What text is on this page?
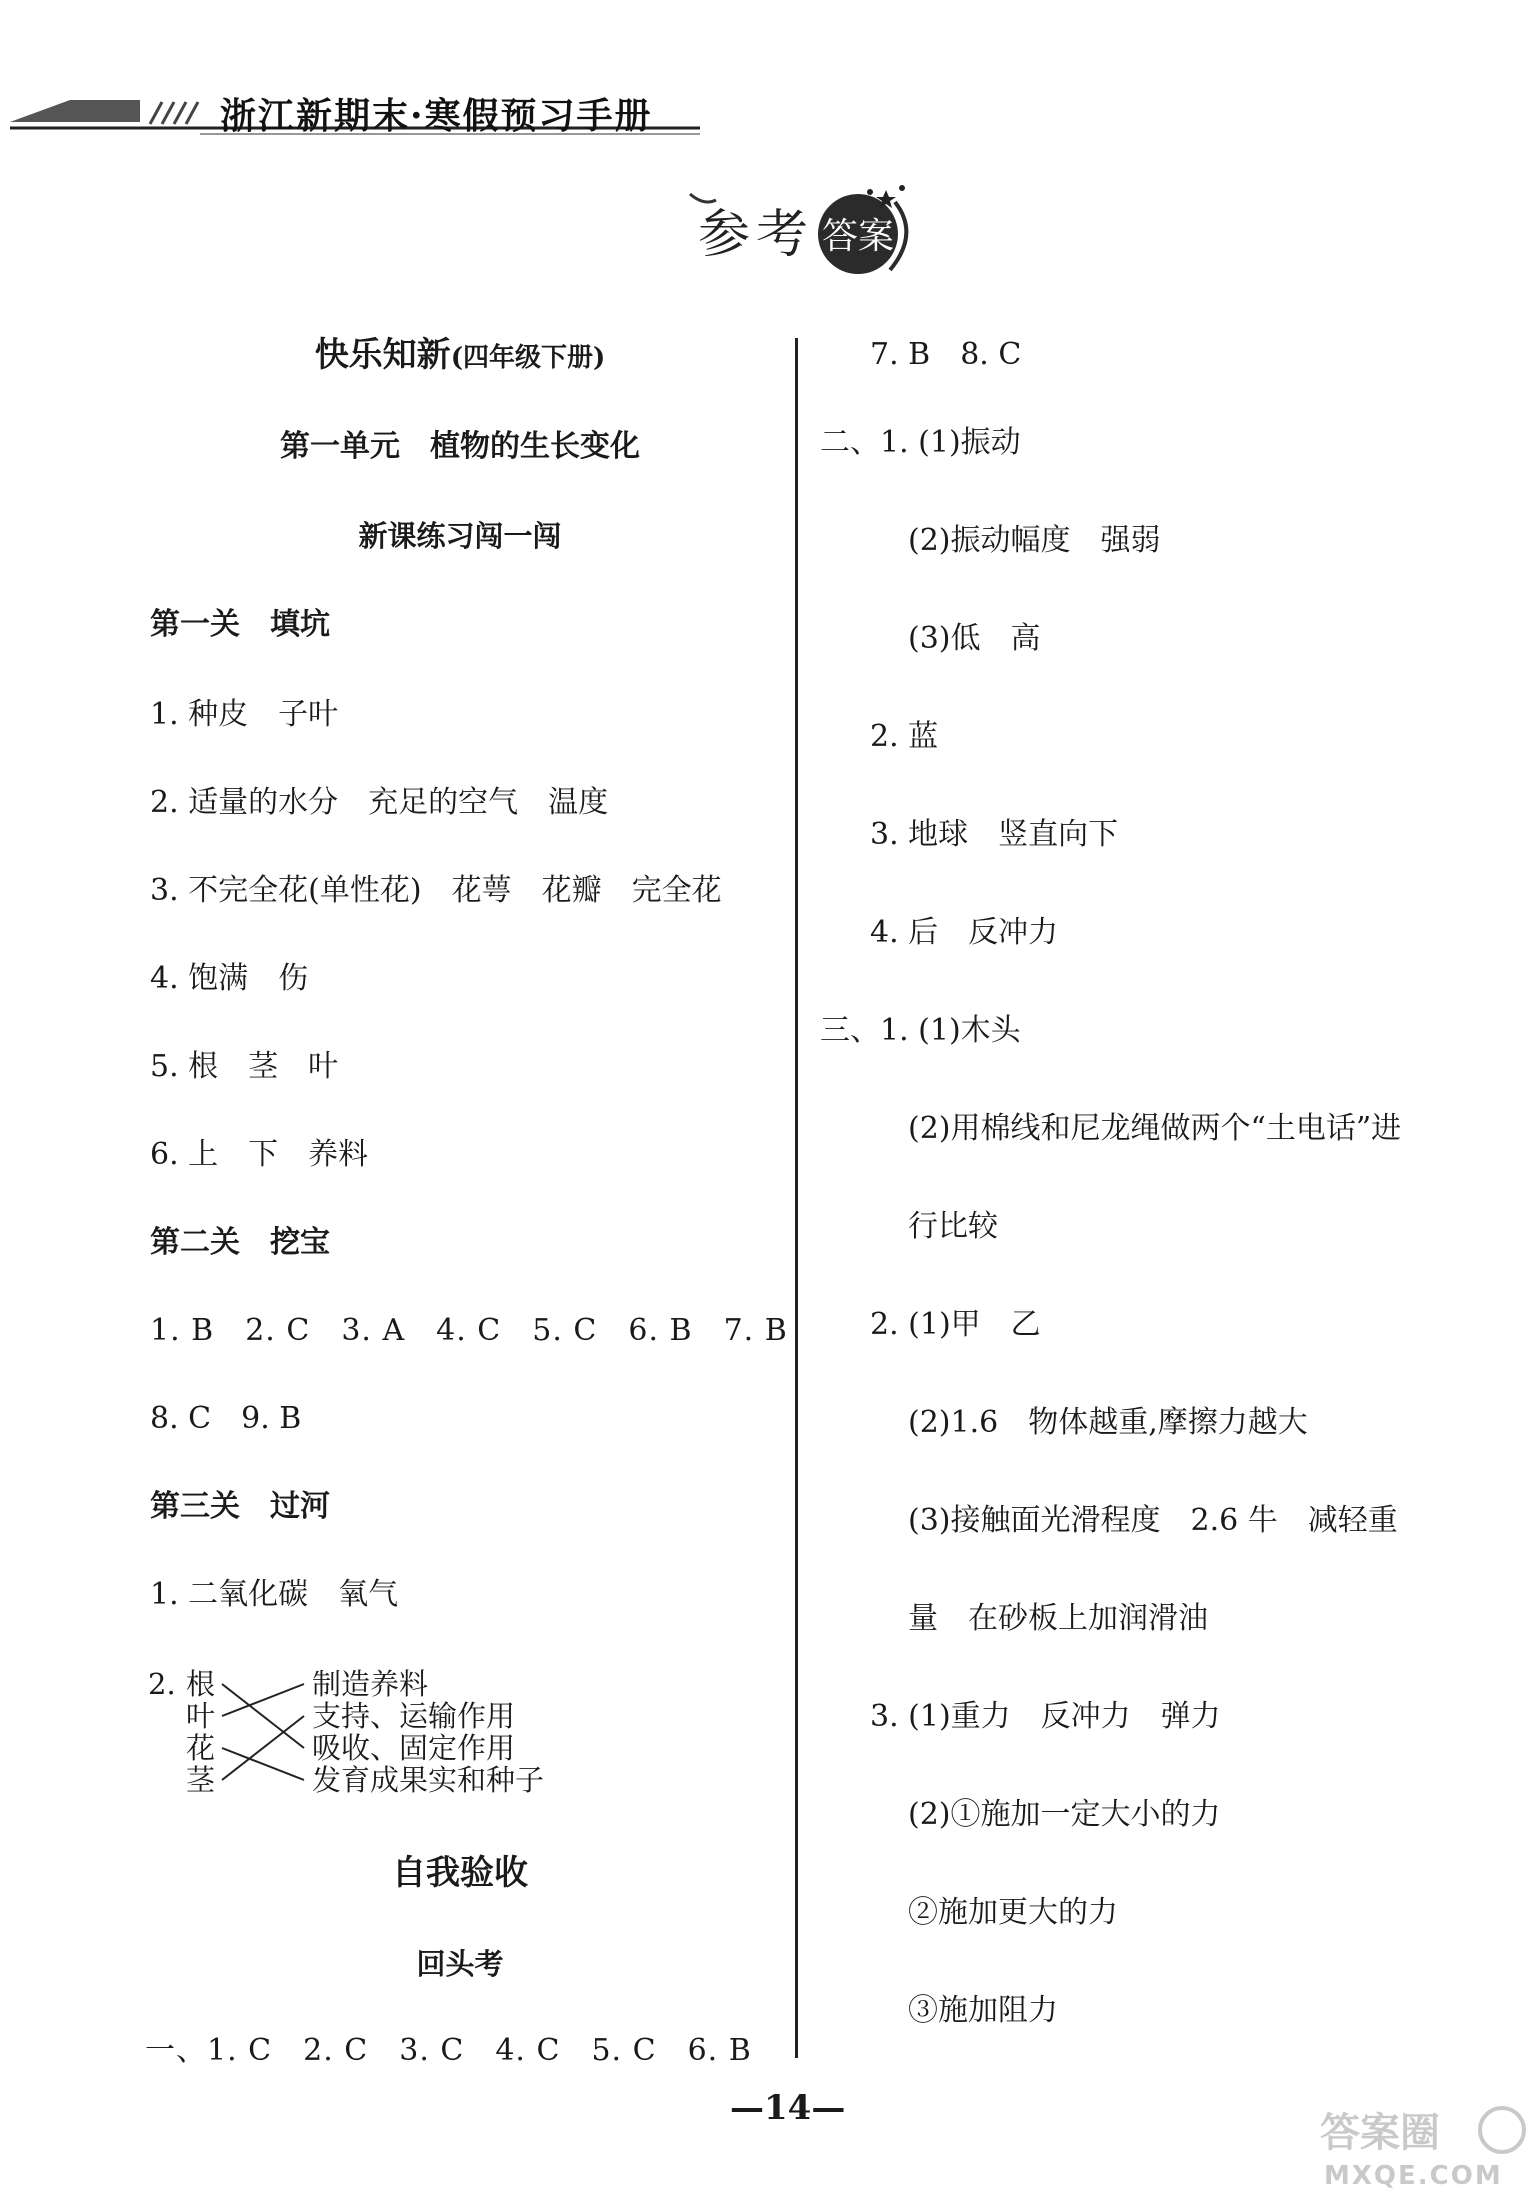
浙江新期末·寒假预习手册
参 考 答案
快乐知新(四年级下册)
第一单元　植物的生长变化
新课练习闯一闯
第一关　填坑
1. 种皮　子叶
2. 适量的水分　充足的空气　温度
3. 不完全花(单性花)　花萼　花瓣　完全花
4. 饱满　伤
5. 根　茎　叶
6. 上　下　养料
第二关　挖宝
1. B　2. C　3. A　4. C　5. C　6. B　7. B
8. C　9. B
第三关　过河
1. 二氧化碳　氧气
2. 根
叶
花
茎
制造养料
支持、运输作用
吸收、固定作用
发育成果实和种子
自我验收
回头考
一、1. C　2. C　3. C　4. C　5. C　6. B
7. B　8. C
二、1. (1)振动
(2)振动幅度　强弱
(3)低　高
2. 蓝
3. 地球　竖直向下
4. 后　反冲力
三、1. (1)木头
(2)用棉线和尼龙绳做两个“土电话”进
行比较
2. (1)甲　乙
(2)1.6　物体越重,摩擦力越大
(3)接触面光滑程度　2.6 牛　减轻重
量　在砂板上加润滑油
3. (1)重力　反冲力　弹力
(2)①施加一定大小的力
②施加更大的力
③施加阻力
—14—
答案圈
MXQE.COM
